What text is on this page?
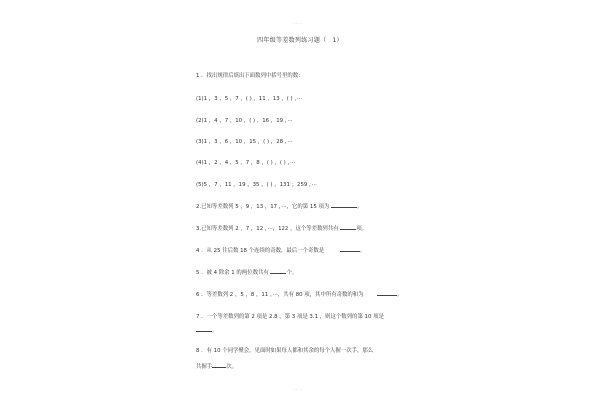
....
四年级等差数列练习题（ 1）
1 ．找出规律后填出下面数列中括号里的数：
(1)1 ，3 ，5 ，7 ，( ) ，11 ，13 ，( ) ，···
(2)1 ，4 ，7 ，10 ，( ) ，16 ，19 ，···
(3)1 ，3 ，6 ，10 ，15 ，( ) ，28 ，···
(4)1 ，2 ，4 ，5 ，7 ，8 ，( ) ，( ) ，···
(5)5 ，7 ，11 ，19 ，35 ，( ) ，131 ；259 ，···
2.已知等差数列 5 ，9 ，13 ，17 ，···，它的第 15 项为	。
3.已知等差数列 2 ，7 ，12 ，···，122 ，这个等差数列共有	项。
4 ．从 25 往后数 18 个连续的奇数，最后一个奇数是	。
5 ．被 4 除余 1 的两位数共有	个。
6 ．等差数列 2 ，5 ，8 ，11 ，···，共有 80 项，其中所有奇数的和为	。
7 ．一个等差数列的第 2 项是 2.8 ，第 3 项是 3.1 ，则这个数列的第 10 项是
。
8 ．有 10 个同学聚会，见面时如果每人都和其余的每个人握一次手，那么
共握手	次。
....
